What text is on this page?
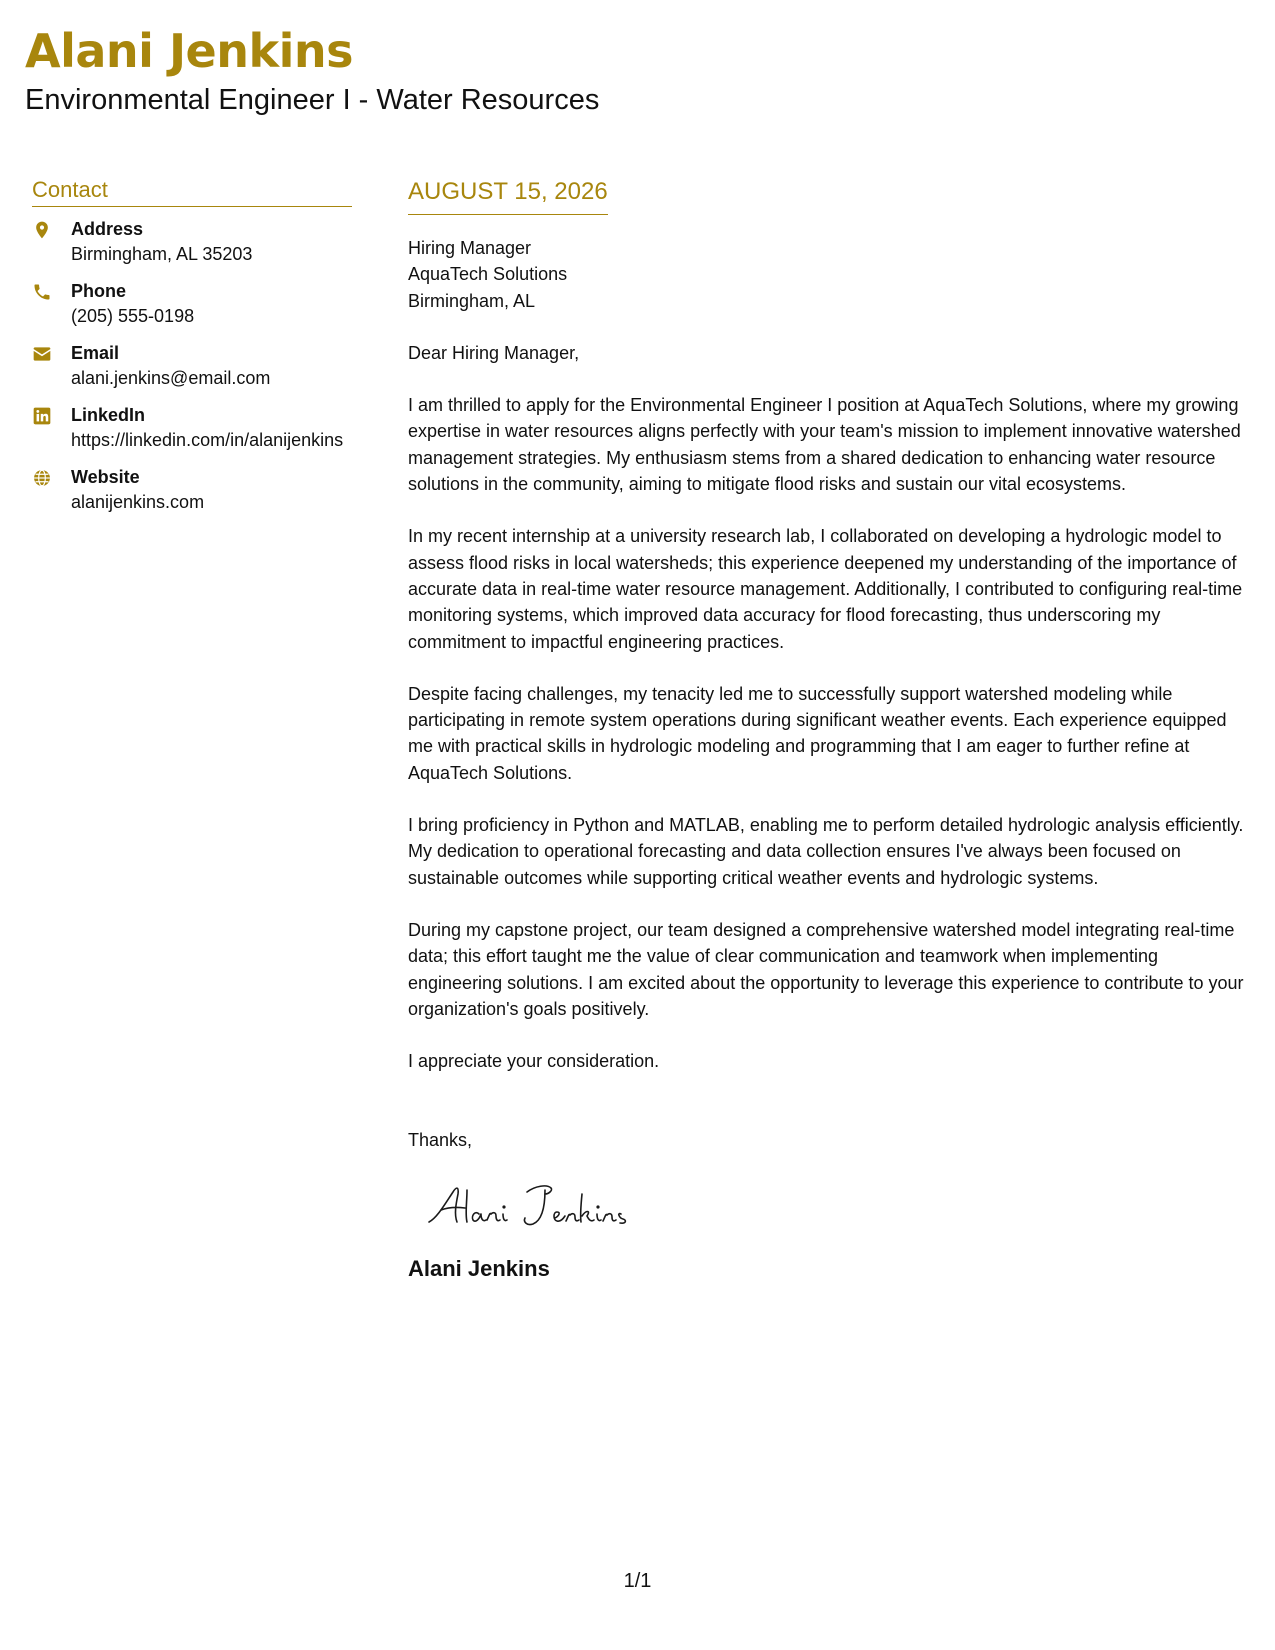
Alani Jenkins
Environmental Engineer I - Water Resources
Contact
Address
Birmingham, AL 35203
Phone
(205) 555-0198
Email
alani.jenkins@email.com
LinkedIn
https://linkedin.com/in/alanijenkins
Website
alanijenkins.com
AUGUST 15, 2026
Hiring Manager
AquaTech Solutions
Birmingham, AL
Dear Hiring Manager,

I am thrilled to apply for the Environmental Engineer I position at AquaTech Solutions, where my growing expertise in water resources aligns perfectly with your team's mission to implement innovative watershed management strategies. My enthusiasm stems from a shared dedication to enhancing water resource solutions in the community, aiming to mitigate flood risks and sustain our vital ecosystems.

In my recent internship at a university research lab, I collaborated on developing a hydrologic model to assess flood risks in local watersheds; this experience deepened my understanding of the importance of accurate data in real-time water resource management. Additionally, I contributed to configuring real-time monitoring systems, which improved data accuracy for flood forecasting, thus underscoring my commitment to impactful engineering practices.

Despite facing challenges, my tenacity led me to successfully support watershed modeling while participating in remote system operations during significant weather events. Each experience equipped me with practical skills in hydrologic modeling and programming that I am eager to further refine at AquaTech Solutions.

I bring proficiency in Python and MATLAB, enabling me to perform detailed hydrologic analysis efficiently. My dedication to operational forecasting and data collection ensures I've always been focused on sustainable outcomes while supporting critical weather events and hydrologic systems.

During my capstone project, our team designed a comprehensive watershed model integrating real-time data; this effort taught me the value of clear communication and teamwork when implementing engineering solutions. I am excited about the opportunity to leverage this experience to contribute to your organization's goals positively.

I appreciate your consideration.

Thanks,
Alani Jenkins
1/1
